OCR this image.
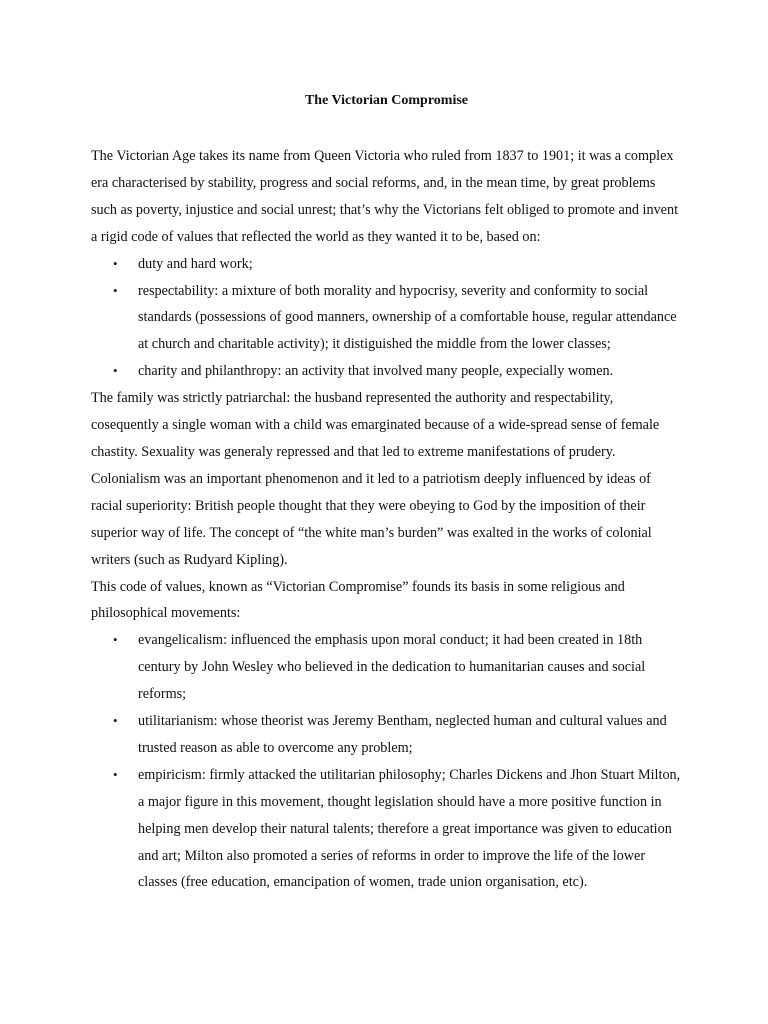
The Victorian Compromise

The Victorian Age takes its name from Queen Victoria who ruled from 1837 to 1901; it was a complex era characterised by stability, progress and social reforms, and, in the mean time, by great problems such as poverty, injustice and social unrest; that’s why the Victorians felt obliged to promote and invent a rigid code of values that reflected the world as they wanted it to be, based on:

• duty and hard work;
• respectability: a mixture of both morality and hypocrisy, severity and conformity to social standards (possessions of good manners, ownership of a comfortable house, regular attendance at church and charitable activity); it distiguished the middle from the lower classes;
• charity and philanthropy: an activity that involved many people, expecially women.

The family was strictly patriarchal: the husband represented the authority and respectability, cosequently a single woman with a child was emarginated because of a wide-spread sense of female chastity. Sexuality was generaly repressed and that led to extreme manifestations of prudery.

Colonialism was an important phenomenon and it led to a patriotism deeply influenced by ideas of racial superiority: British people thought that they were obeying to God by the imposition of their superior way of life. The concept of “the white man’s burden” was exalted in the works of colonial writers (such as Rudyard Kipling).

This code of values, known as “Victorian Compromise” founds its basis in some religious and philosophical movements:

• evangelicalism: influenced the emphasis upon moral conduct; it had been created in 18th century by John Wesley who believed in the dedication to humanitarian causes and social reforms;
• utilitarianism: whose theorist was Jeremy Bentham, neglected human and cultural values and trusted reason as able to overcome any problem;
• empiricism: firmly attacked the utilitarian philosophy; Charles Dickens and Jhon Stuart Milton, a major figure in this movement, thought legislation should have a more positive function in helping men develop their natural talents; therefore a great importance was given to education and art; Milton also promoted a series of reforms in order to improve the life of the lower classes (free education, emancipation of women, trade union organisation, etc).
